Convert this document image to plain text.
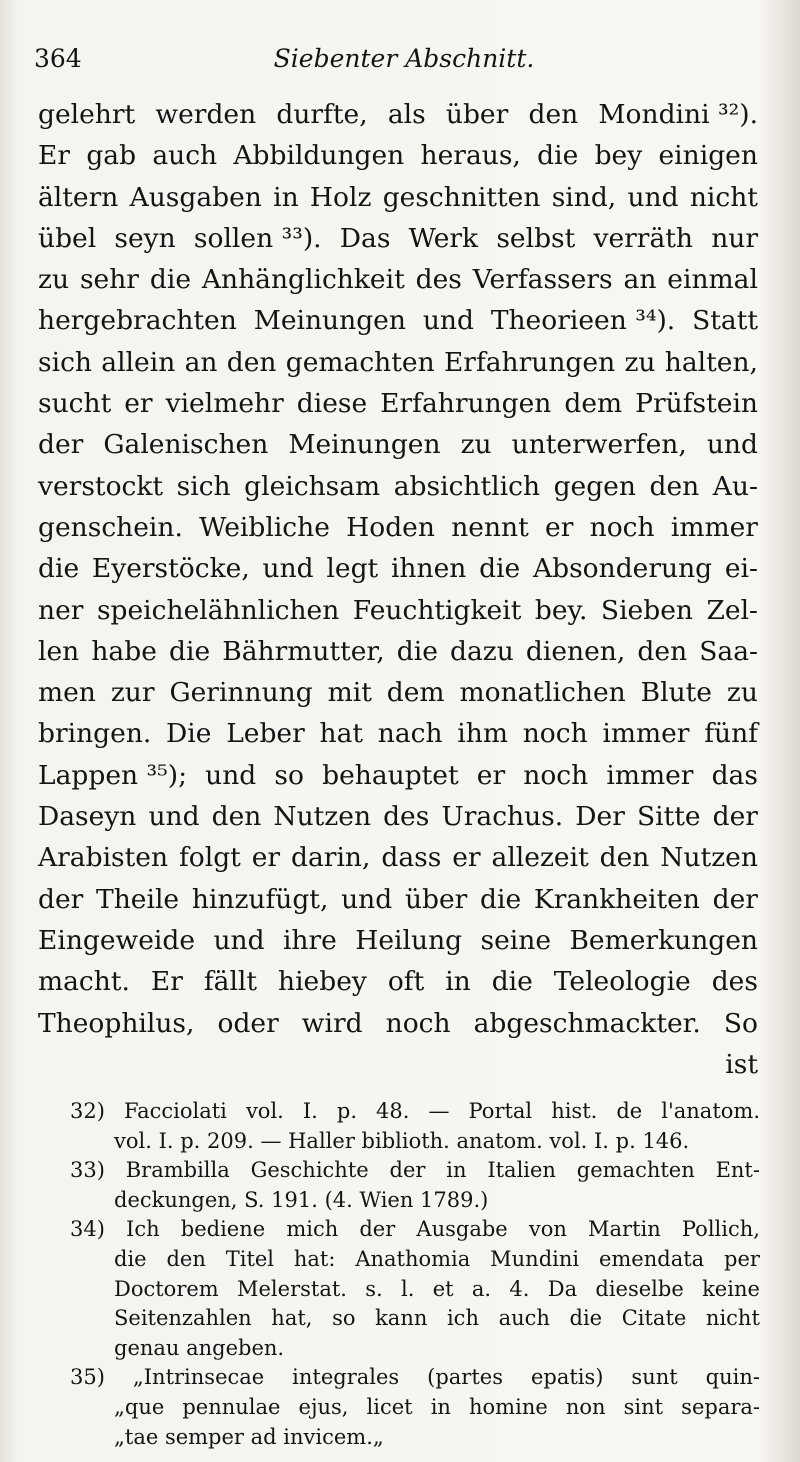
364	Siebenter Abschnitt.
gelehrt werden durfte, als über den Mondini ³²).
Er gab auch Abbildungen heraus, die bey einigen
ältern Ausgaben in Holz geschnitten sind, und nicht
übel seyn sollen ³³). Das Werk selbst verräth nur
zu sehr die Anhänglichkeit des Verfassers an einmal
hergebrachten Meinungen und Theorieen ³⁴). Statt
sich allein an den gemachten Erfahrungen zu halten,
sucht er vielmehr diese Erfahrungen dem Prüfstein
der Galenischen Meinungen zu unterwerfen, und
verstockt sich gleichsam absichtlich gegen den Au-
genschein. Weibliche Hoden nennt er noch immer
die Eyerstöcke, und legt ihnen die Absonderung ei-
ner speichelähnlichen Feuchtigkeit bey. Sieben Zel-
len habe die Bährmutter, die dazu dienen, den Saa-
men zur Gerinnung mit dem monatlichen Blute zu
bringen. Die Leber hat nach ihm noch immer fünf
Lappen ³⁵); und so behauptet er noch immer das
Daseyn und den Nutzen des Urachus. Der Sitte der
Arabisten folgt er darin, dass er allezeit den Nutzen
der Theile hinzufügt, und über die Krankheiten der
Eingeweide und ihre Heilung seine Bemerkungen
macht. Er fällt hiebey oft in die Teleologie des
Theophilus, oder wird noch abgeschmackter. So
ist
32) Facciolati vol. I. p. 48. — Portal hist. de l'anatom.
vol. I. p. 209. — Haller biblioth. anatom. vol. I. p. 146.
33) Brambilla Geschichte der in Italien gemachten Ent-
deckungen, S. 191. (4. Wien 1789.)
34) Ich bediene mich der Ausgabe von Martin Pollich,
die den Titel hat: Anathomia Mundini emendata per
Doctorem Melerstat. s. l. et a. 4. Da dieselbe keine
Seitenzahlen hat, so kann ich auch die Citate nicht
genau angeben.
35) „Intrinsecae integrales (partes epatis) sunt quin-
„que pennulae ejus, licet in homine non sint separa-
„tae semper ad invicem.„
